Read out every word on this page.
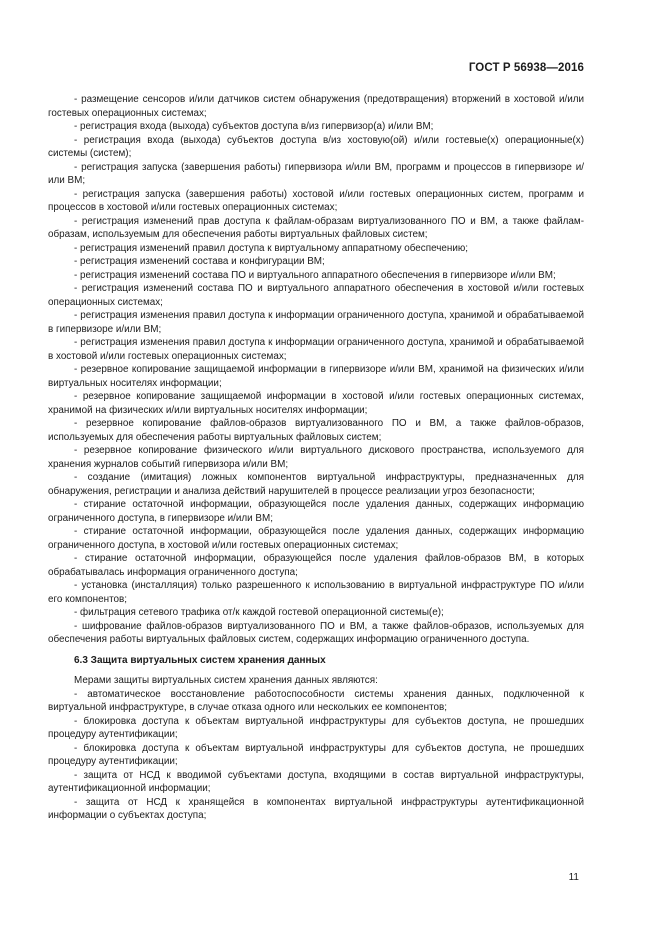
ГОСТ Р 56938—2016

- размещение сенсоров и/или датчиков систем обнаружения (предотвращения) вторжений в хостовой и/или гостевых операционных системах;

- регистрация входа (выхода) субъектов доступа в/из гипервизор(а) и/или ВМ;

- регистрация входа (выхода) субъектов доступа в/из хостовую(ой) и/или гостевые(х) операционные(х) системы (систем);

- регистрация запуска (завершения работы) гипервизора и/или ВМ, программ и процессов в гипервизоре и/или ВМ;

- регистрация запуска (завершения работы) хостовой и/или гостевых операционных систем, программ и процессов в хостовой и/или гостевых операционных системах;

- регистрация изменений прав доступа к файлам-образам виртуализованного ПО и ВМ, а также файлам-образам, используемым для обеспечения работы виртуальных файловых систем;

- регистрация изменений правил доступа к виртуальному аппаратному обеспечению;

- регистрация изменений состава и конфигурации ВМ;

- регистрация изменений состава ПО и виртуального аппаратного обеспечения в гипервизоре и/или ВМ;

- регистрация изменений состава ПО и виртуального аппаратного обеспечения в хостовой и/или гостевых операционных системах;

- регистрация изменения правил доступа к информации ограниченного доступа, хранимой и обрабатываемой в гипервизоре и/или ВМ;

- регистрация изменения правил доступа к информации ограниченного доступа, хранимой и обрабатываемой в хостовой и/или гостевых операционных системах;

- резервное копирование защищаемой информации в гипервизоре и/или ВМ, хранимой на физических и/или виртуальных носителях информации;

- резервное копирование защищаемой информации в хостовой и/или гостевых операционных системах, хранимой на физических и/или виртуальных носителях информации;

- резервное копирование файлов-образов виртуализованного ПО и ВМ, а также файлов-образов, используемых для обеспечения работы виртуальных файловых систем;

- резервное копирование физического и/или виртуального дискового пространства, используемого для хранения журналов событий гипервизора и/или ВМ;

- создание (имитация) ложных компонентов виртуальной инфраструктуры, предназначенных для обнаружения, регистрации и анализа действий нарушителей в процессе реализации угроз безопасности;

- стирание остаточной информации, образующейся после удаления данных, содержащих информацию ограниченного доступа, в гипервизоре и/или ВМ;

- стирание остаточной информации, образующейся после удаления данных, содержащих информацию ограниченного доступа, в хостовой и/или гостевых операционных системах;

- стирание остаточной информации, образующейся после удаления файлов-образов ВМ, в которых обрабатывалась информация ограниченного доступа;

- установка (инсталляция) только разрешенного к использованию в виртуальной инфраструктуре ПО и/или его компонентов;

- фильтрация сетевого трафика от/к каждой гостевой операционной системы(е);

- шифрование файлов-образов виртуализованного ПО и ВМ, а также файлов-образов, используемых для обеспечения работы виртуальных файловых систем, содержащих информацию ограниченного доступа.

6.3 Защита виртуальных систем хранения данных

Мерами защиты виртуальных систем хранения данных являются:

- автоматическое восстановление работоспособности системы хранения данных, подключенной к виртуальной инфраструктуре, в случае отказа одного или нескольких ее компонентов;

- блокировка доступа к объектам виртуальной инфраструктуры для субъектов доступа, не прошедших процедуру аутентификации;

- блокировка доступа к объектам виртуальной инфраструктуры для субъектов доступа, не прошедших процедуру аутентификации;

- защита от НСД к вводимой субъектами доступа, входящими в состав виртуальной инфраструктуры, аутентификационной информации;

- защита от НСД к хранящейся в компонентах виртуальной инфраструктуры аутентификационной информации о субъектах доступа;

11
